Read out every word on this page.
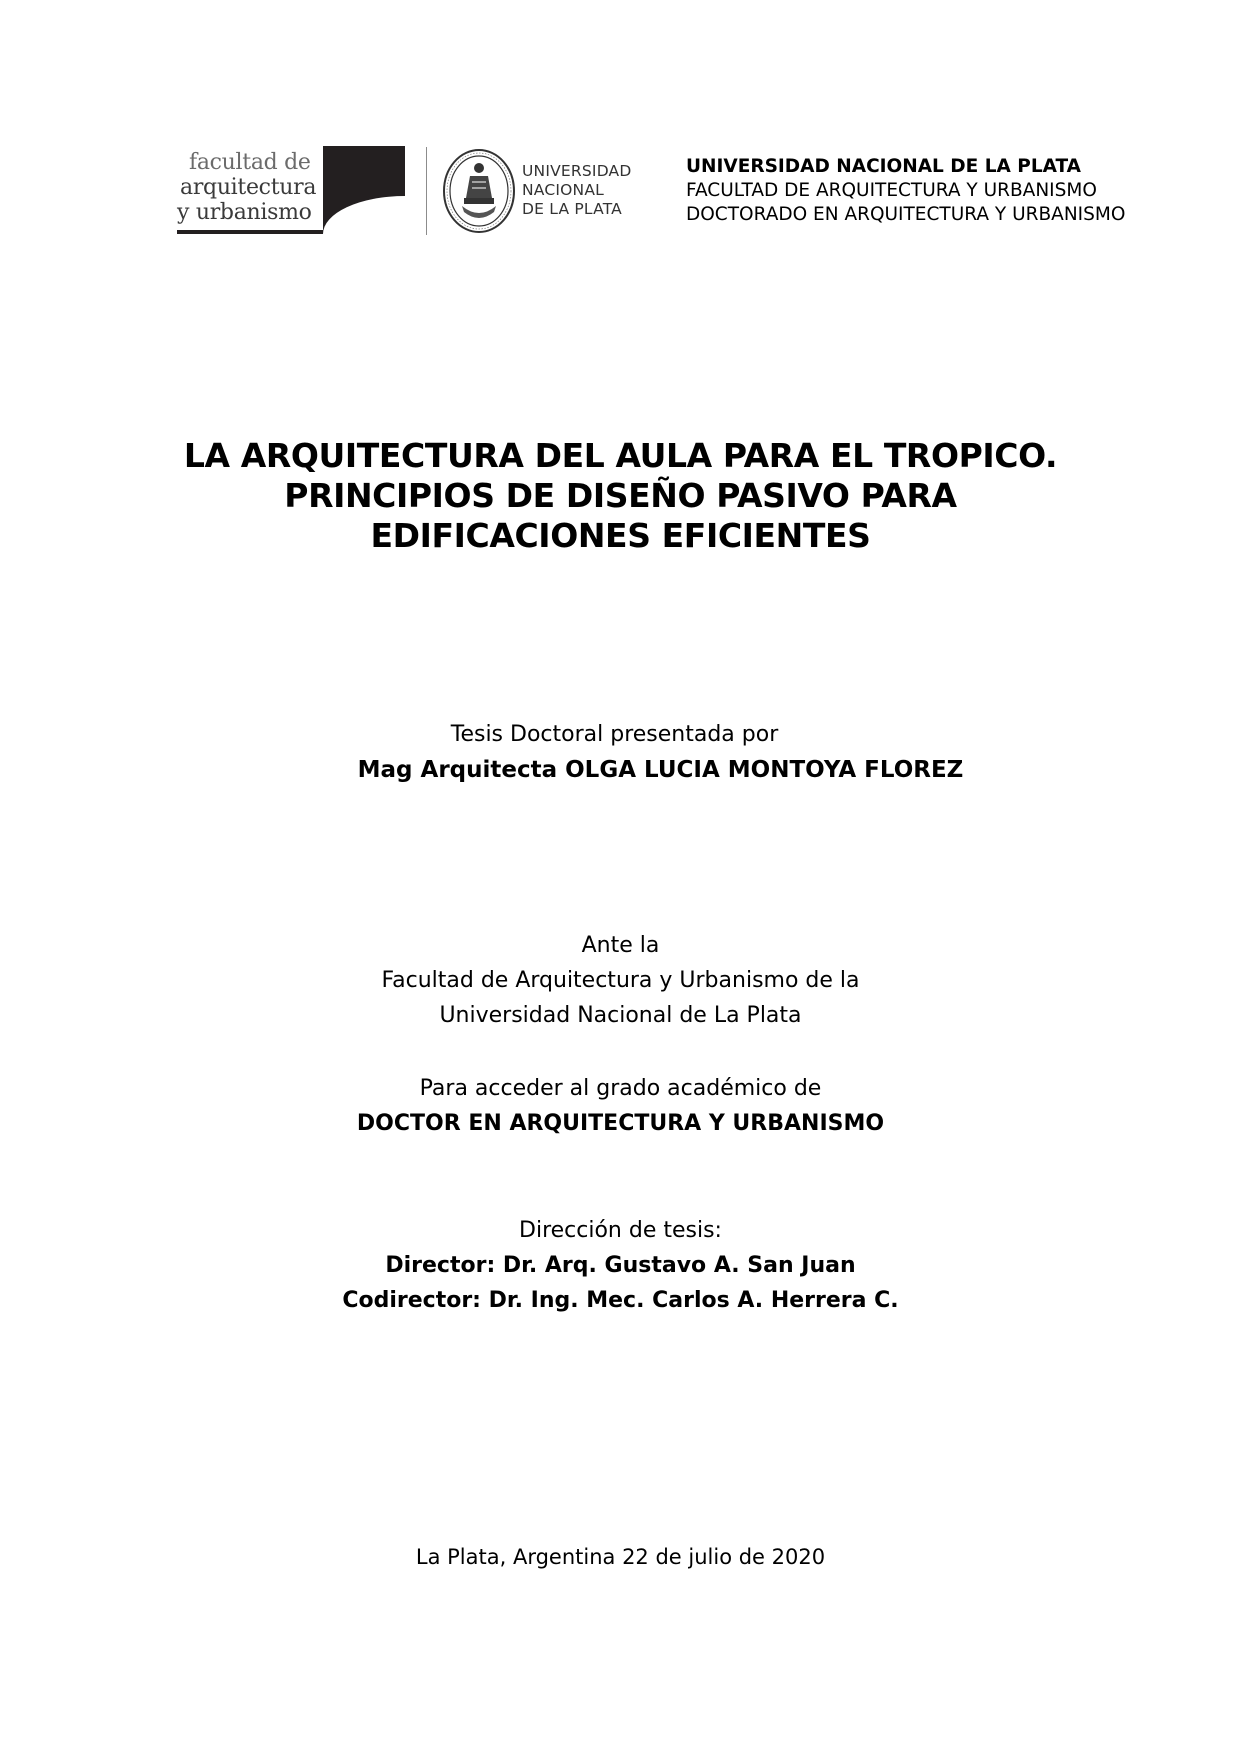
facultad de
arquitectura
y urbanismo
UNIVERSIDAD
NACIONAL
DE LA PLATA
UNIVERSIDAD NACIONAL DE LA PLATA
FACULTAD DE ARQUITECTURA Y URBANISMO
DOCTORADO EN ARQUITECTURA Y URBANISMO
LA ARQUITECTURA DEL AULA PARA EL TROPICO.
PRINCIPIOS DE DISEÑO PASIVO PARA
EDIFICACIONES EFICIENTES
Tesis Doctoral presentada por
Mag Arquitecta OLGA LUCIA MONTOYA FLOREZ
Ante la
Facultad de Arquitectura y Urbanismo de la
Universidad Nacional de La Plata
Para acceder al grado académico de
DOCTOR EN ARQUITECTURA Y URBANISMO
Dirección de tesis:
Director: Dr. Arq. Gustavo A. San Juan
Codirector: Dr. Ing. Mec. Carlos A. Herrera C.
La Plata, Argentina 22 de julio de 2020
